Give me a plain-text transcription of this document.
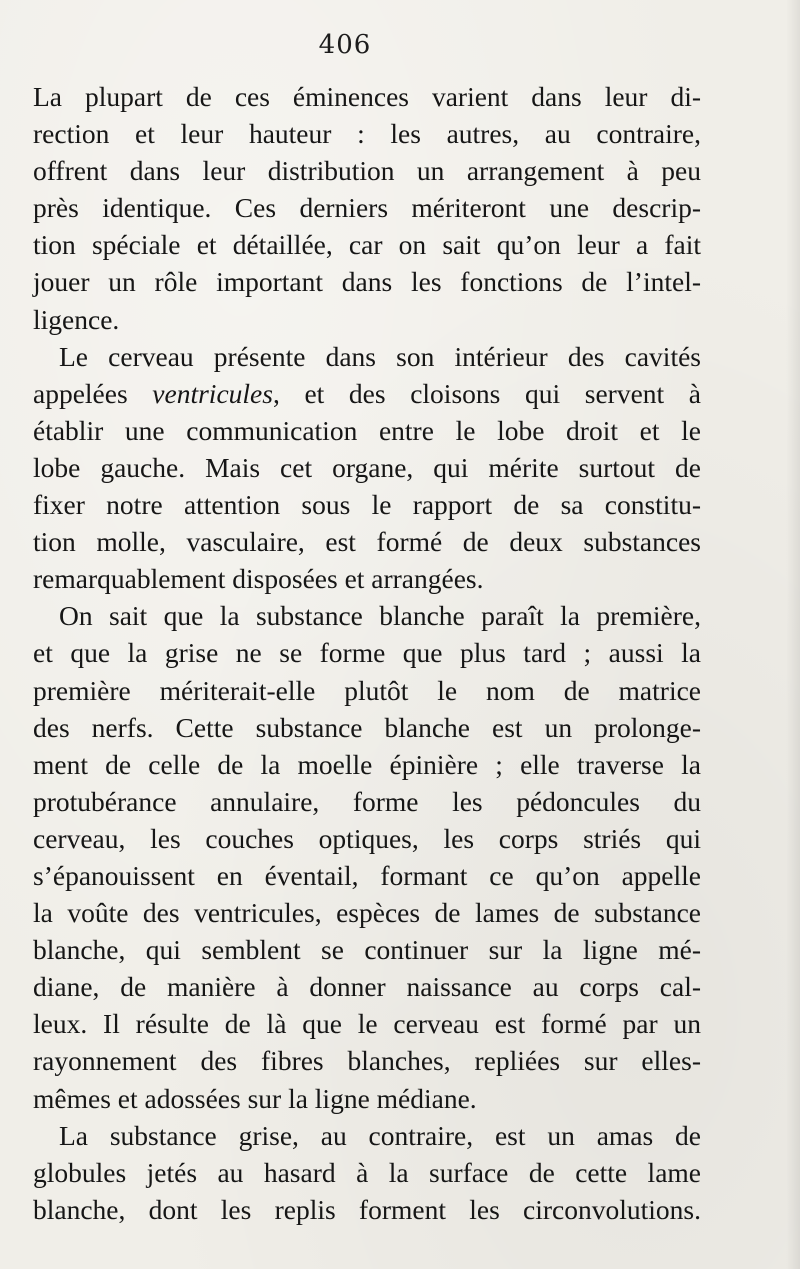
406
La plupart de ces éminences varient dans leur di-
rection et leur hauteur : les autres, au contraire,
offrent dans leur distribution un arrangement à peu
près identique. Ces derniers mériteront une descrip-
tion spéciale et détaillée, car on sait qu’on leur a fait
jouer un rôle important dans les fonctions de l’intel-
ligence.
Le cerveau présente dans son intérieur des cavités
appelées ventricules, et des cloisons qui servent à
établir une communication entre le lobe droit et le
lobe gauche. Mais cet organe, qui mérite surtout de
fixer notre attention sous le rapport de sa constitu-
tion molle, vasculaire, est formé de deux substances
remarquablement disposées et arrangées.
On sait que la substance blanche paraît la première,
et que la grise ne se forme que plus tard ; aussi la
première mériterait-elle plutôt le nom de matrice
des nerfs. Cette substance blanche est un prolonge-
ment de celle de la moelle épinière ; elle traverse la
protubérance annulaire, forme les pédoncules du
cerveau, les couches optiques, les corps striés qui
s’épanouissent en éventail, formant ce qu’on appelle
la voûte des ventricules, espèces de lames de substance
blanche, qui semblent se continuer sur la ligne mé-
diane, de manière à donner naissance au corps cal-
leux. Il résulte de là que le cerveau est formé par un
rayonnement des fibres blanches, repliées sur elles-
mêmes et adossées sur la ligne médiane.
La substance grise, au contraire, est un amas de
globules jetés au hasard à la surface de cette lame
blanche, dont les replis forment les circonvolutions.
